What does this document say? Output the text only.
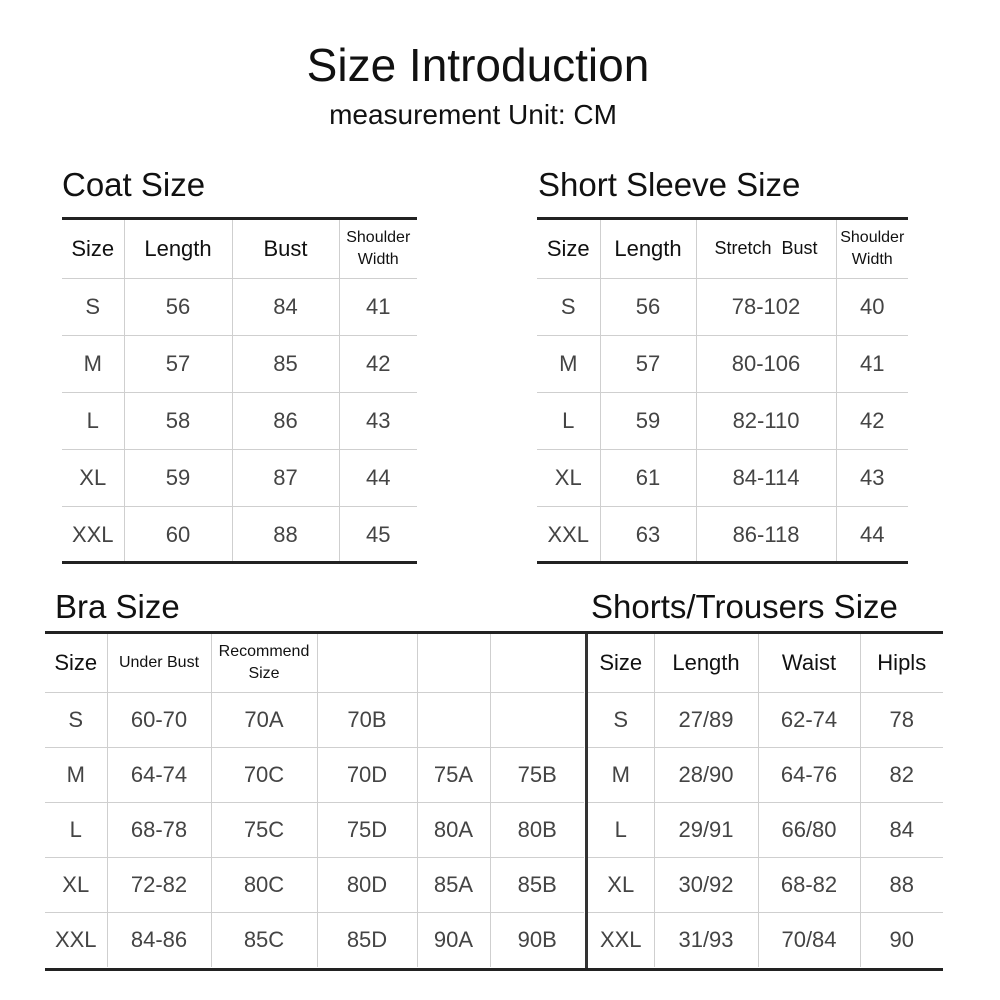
Size Introduction
measurement Unit: CM
Coat Size
Size	Length	Bust	Shoulder Width
S	56	84	41
M	57	85	42
L	58	86	43
XL	59	87	44
XXL	60	88	45
Short Sleeve Size
Size	Length	Stretch  Bust	Shoulder Width
S	56	78-102	40
M	57	80-106	41
L	59	82-110	42
XL	61	84-114	43
XXL	63	86-118	44
Bra Size
Size	Under Bust	Recommend Size			
S	60-70	70A	70B		
M	64-74	70C	70D	75A	75B
L	68-78	75C	75D	80A	80B
XL	72-82	80C	80D	85A	85B
XXL	84-86	85C	85D	90A	90B
Shorts/Trousers Size
Size	Length	Waist	Hipls
S	27/89	62-74	78
M	28/90	64-76	82
L	29/91	66/80	84
XL	30/92	68-82	88
XXL	31/93	70/84	90
